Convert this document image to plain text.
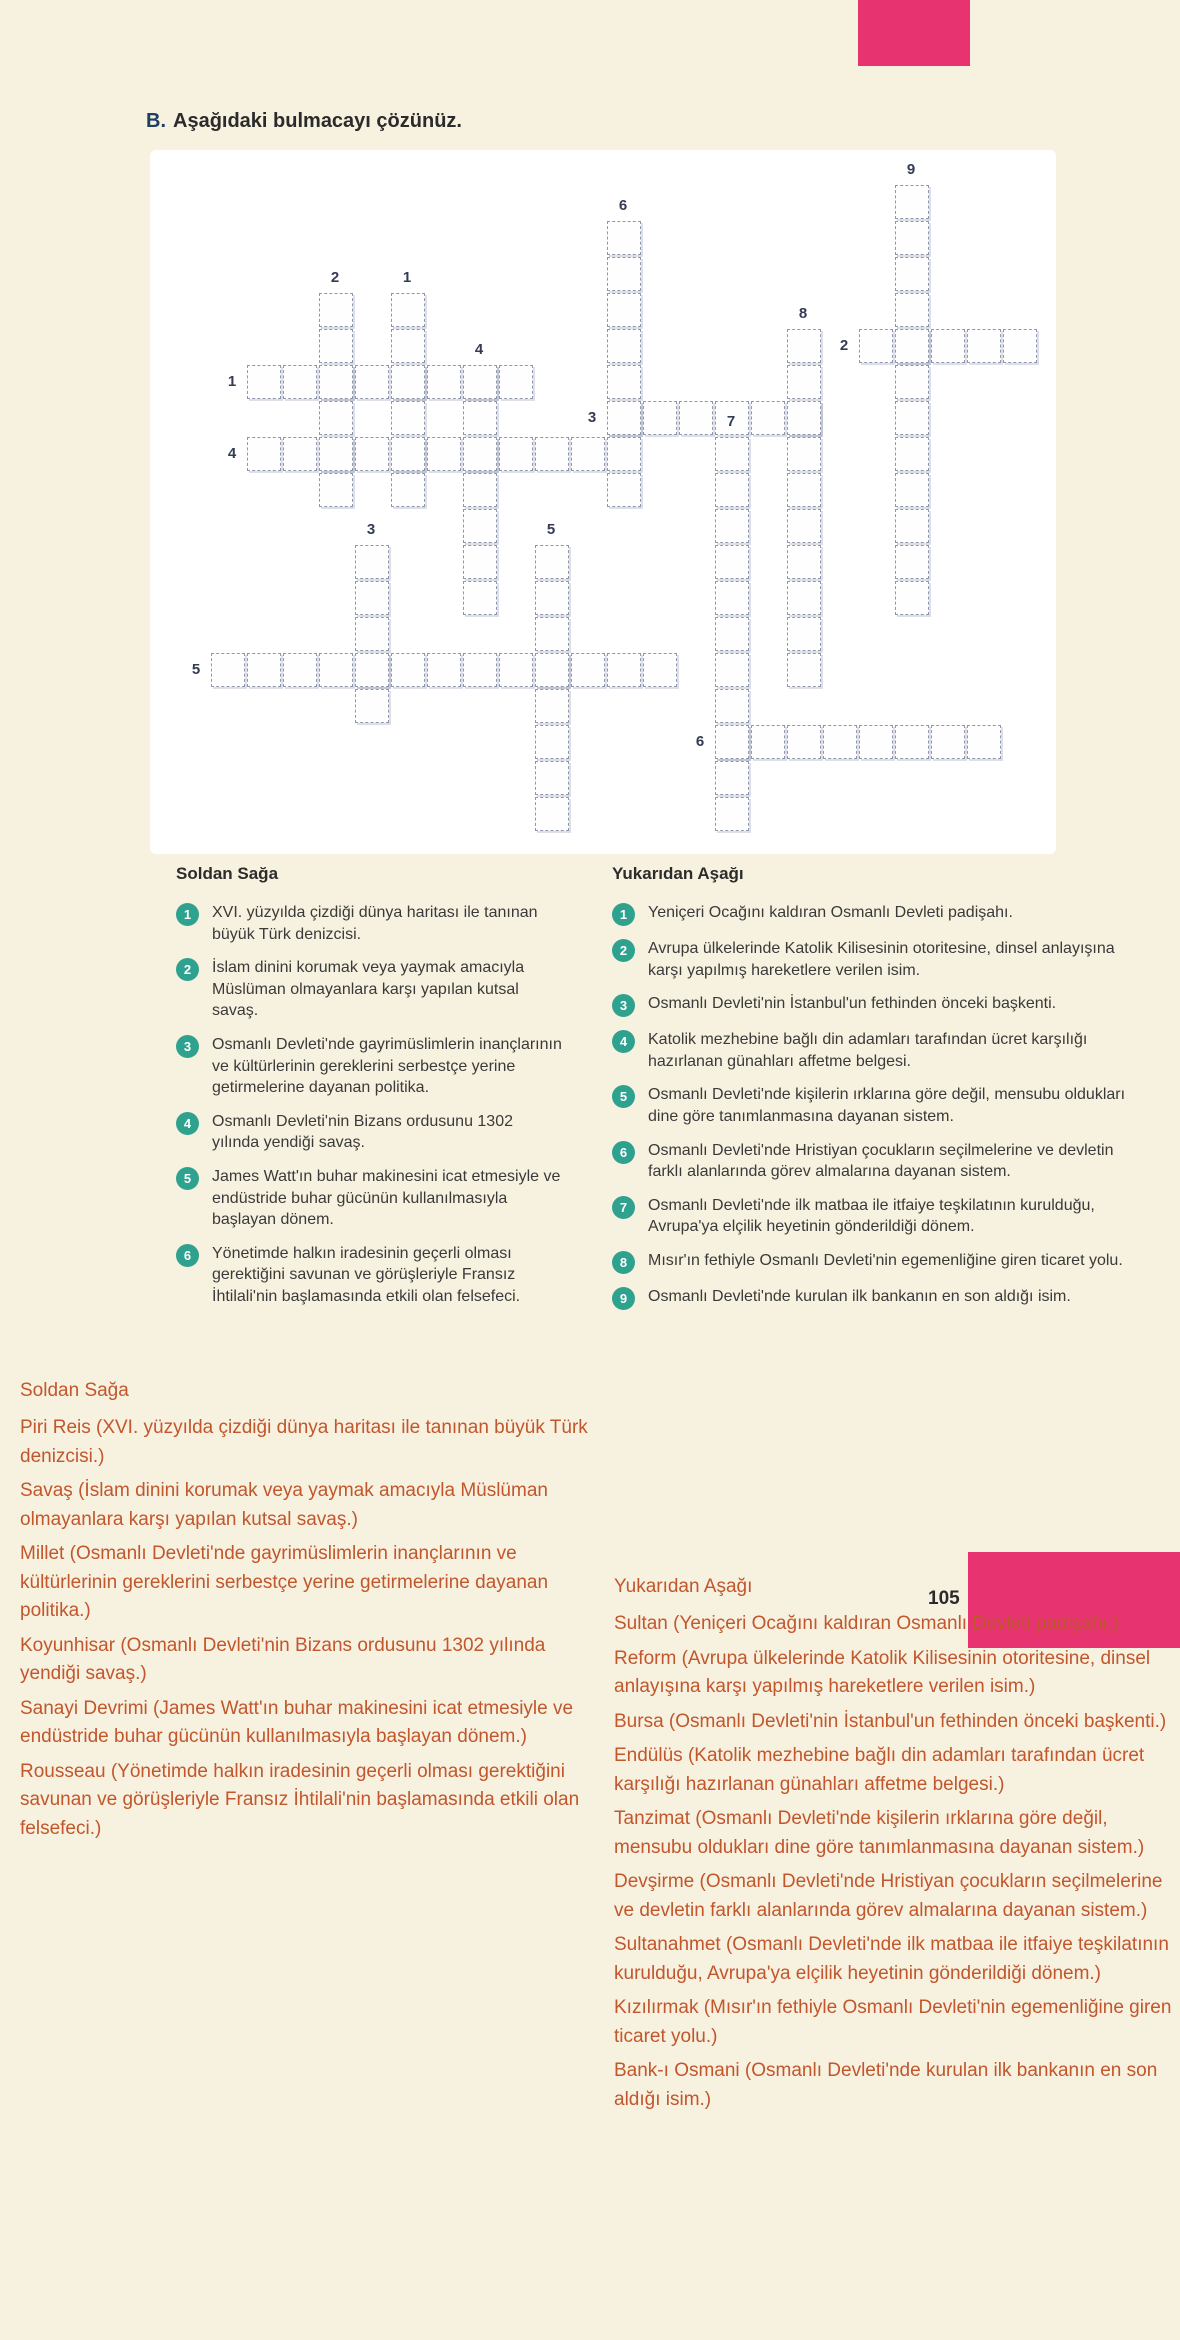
B. Aşağıdaki bulmacayı çözünüz.
1
2
3
4
5
6
1
2
3
4
5
6
7
8
9
Soldan Sağa
1	XVI. yüzyılda çizdiği dünya haritası ile tanınan büyük Türk denizcisi.
2	İslam dinini korumak veya yaymak amacıyla Müslüman olmayanlara karşı yapılan kutsal savaş.
3	Osmanlı Devleti'nde gayrimüslimlerin inançlarının ve kültürlerinin gereklerini serbestçe yerine getirmelerine dayanan politika.
4	Osmanlı Devleti'nin Bizans ordusunu 1302 yılında yendiği savaş.
5	James Watt'ın buhar makinesini icat etmesiyle ve endüstride buhar gücünün kullanılmasıyla başlayan dönem.
6	Yönetimde halkın iradesinin geçerli olması gerektiğini savunan ve görüşleriyle Fransız İhtilali'nin başlamasında etkili olan felsefeci.
Yukarıdan Aşağı
1	Yeniçeri Ocağını kaldıran Osmanlı Devleti padişahı.
2	Avrupa ülkelerinde Katolik Kilisesinin otoritesine, dinsel anlayışına karşı yapılmış hareketlere verilen isim.
3	Osmanlı Devleti'nin İstanbul'un fethinden önceki başkenti.
4	Katolik mezhebine bağlı din adamları tarafından ücret karşılığı hazırlanan günahları affetme belgesi.
5	Osmanlı Devleti'nde kişilerin ırklarına göre değil, mensubu oldukları dine göre tanımlanmasına dayanan sistem.
6	Osmanlı Devleti'nde Hristiyan çocukların seçilmelerine ve devletin farklı alanlarında görev almalarına dayanan sistem.
7	Osmanlı Devleti'nde ilk matbaa ile itfaiye teşkilatının kurulduğu, Avrupa'ya elçilik heyetinin gönderildiği dönem.
8	Mısır'ın fethiyle Osmanlı Devleti'nin egemenliğine giren ticaret yolu.
9	Osmanlı Devleti'nde kurulan ilk bankanın en son aldığı isim.
Soldan Sağa

Piri Reis (XVI. yüzyılda çizdiği dünya haritası ile tanınan büyük Türk denizcisi.)

Savaş (İslam dinini korumak veya yaymak amacıyla Müslüman olmayanlara karşı yapılan kutsal savaş.)

Millet (Osmanlı Devleti'nde gayrimüslimlerin inançlarının ve kültürlerinin gereklerini serbestçe yerine getirmelerine dayanan politika.)

Koyunhisar (Osmanlı Devleti'nin Bizans ordusunu 1302 yılında yendiği savaş.)

Sanayi Devrimi (James Watt'ın buhar makinesini icat etmesiyle ve endüstride buhar gücünün kullanılmasıyla başlayan dönem.)

Rousseau (Yönetimde halkın iradesinin geçerli olması gerektiğini savunan ve görüşleriyle Fransız İhtilali'nin başlamasında etkili olan felsefeci.)

Yukarıdan Aşağı

Sultan (Yeniçeri Ocağını kaldıran Osmanlı Devleti padişahı.)

Reform (Avrupa ülkelerinde Katolik Kilisesinin otoritesine, dinsel anlayışına karşı yapılmış hareketlere verilen isim.)

Bursa (Osmanlı Devleti'nin İstanbul'un fethinden önceki başkenti.)

Endülüs (Katolik mezhebine bağlı din adamları tarafından ücret karşılığı hazırlanan günahları affetme belgesi.)

Tanzimat (Osmanlı Devleti'nde kişilerin ırklarına göre değil, mensubu oldukları dine göre tanımlanmasına dayanan sistem.)

Devşirme (Osmanlı Devleti'nde Hristiyan çocukların seçilmelerine ve devletin farklı alanlarında görev almalarına dayanan sistem.)

Sultanahmet (Osmanlı Devleti'nde ilk matbaa ile itfaiye teşkilatının kurulduğu, Avrupa'ya elçilik heyetinin gönderildiği dönem.)

Kızılırmak (Mısır'ın fethiyle Osmanlı Devleti'nin egemenliğine giren ticaret yolu.)

Bank-ı Osmani (Osmanlı Devleti'nde kurulan ilk bankanın en son aldığı isim.)

105
